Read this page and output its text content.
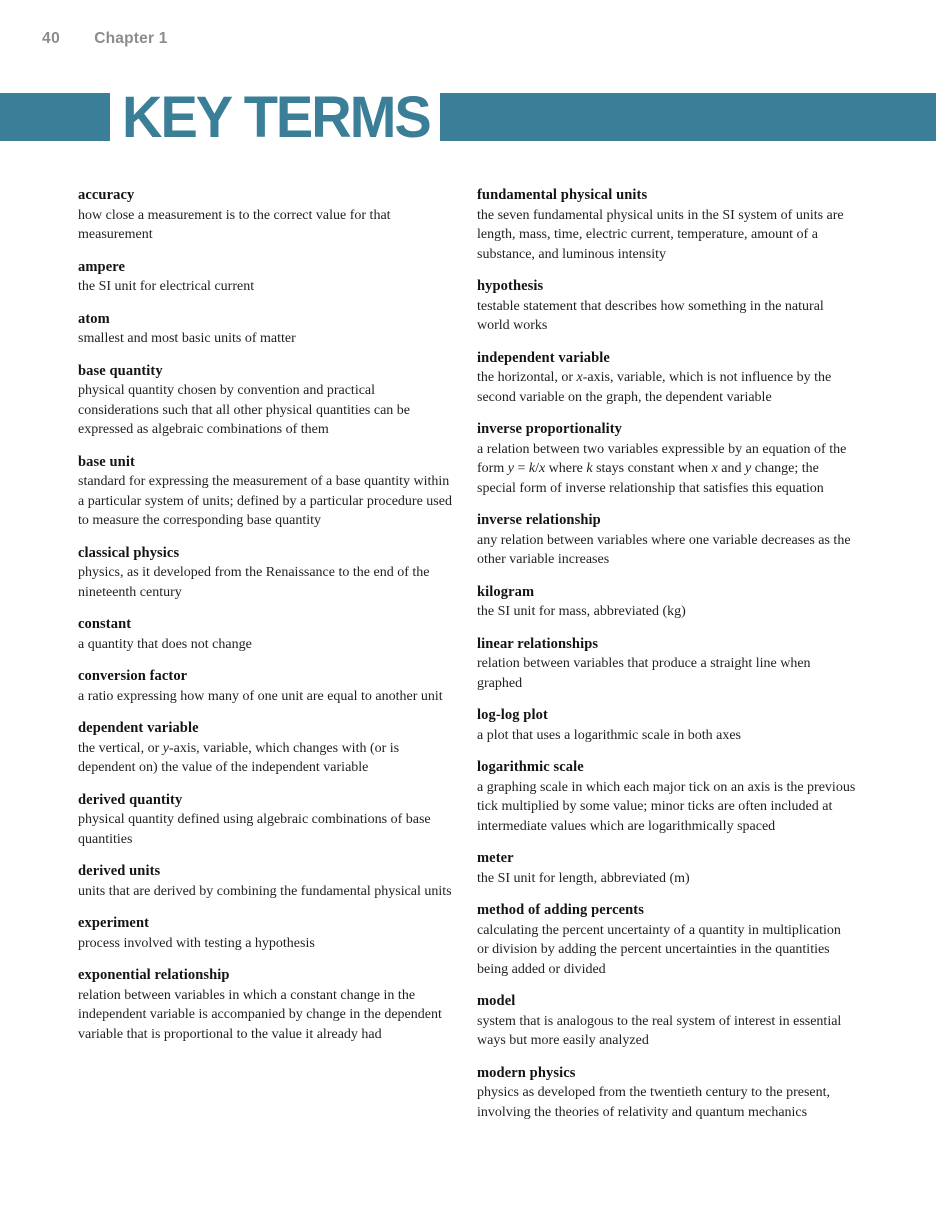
40 Chapter 1
KEY TERMS
accuracy
how close a measurement is to the correct value for that measurement
ampere
the SI unit for electrical current
atom
smallest and most basic units of matter
base quantity
physical quantity chosen by convention and practical considerations such that all other physical quantities can be expressed as algebraic combinations of them
base unit
standard for expressing the measurement of a base quantity within a particular system of units; defined by a particular procedure used to measure the corresponding base quantity
classical physics
physics, as it developed from the Renaissance to the end of the nineteenth century
constant
a quantity that does not change
conversion factor
a ratio expressing how many of one unit are equal to another unit
dependent variable
the vertical, or y-axis, variable, which changes with (or is dependent on) the value of the independent variable
derived quantity
physical quantity defined using algebraic combinations of base quantities
derived units
units that are derived by combining the fundamental physical units
experiment
process involved with testing a hypothesis
exponential relationship
relation between variables in which a constant change in the independent variable is accompanied by change in the dependent variable that is proportional to the value it already had
fundamental physical units
the seven fundamental physical units in the SI system of units are length, mass, time, electric current, temperature, amount of a substance, and luminous intensity
hypothesis
testable statement that describes how something in the natural world works
independent variable
the horizontal, or x-axis, variable, which is not influence by the second variable on the graph, the dependent variable
inverse proportionality
a relation between two variables expressible by an equation of the form y = k/x where k stays constant when x and y change; the special form of inverse relationship that satisfies this equation
inverse relationship
any relation between variables where one variable decreases as the other variable increases
kilogram
the SI unit for mass, abbreviated (kg)
linear relationships
relation between variables that produce a straight line when graphed
log-log plot
a plot that uses a logarithmic scale in both axes
logarithmic scale
a graphing scale in which each major tick on an axis is the previous tick multiplied by some value; minor ticks are often included at intermediate values which are logarithmically spaced
meter
the SI unit for length, abbreviated (m)
method of adding percents
calculating the percent uncertainty of a quantity in multiplication or division by adding the percent uncertainties in the quantities being added or divided
model
system that is analogous to the real system of interest in essential ways but more easily analyzed
modern physics
physics as developed from the twentieth century to the present, involving the theories of relativity and quantum mechanics
